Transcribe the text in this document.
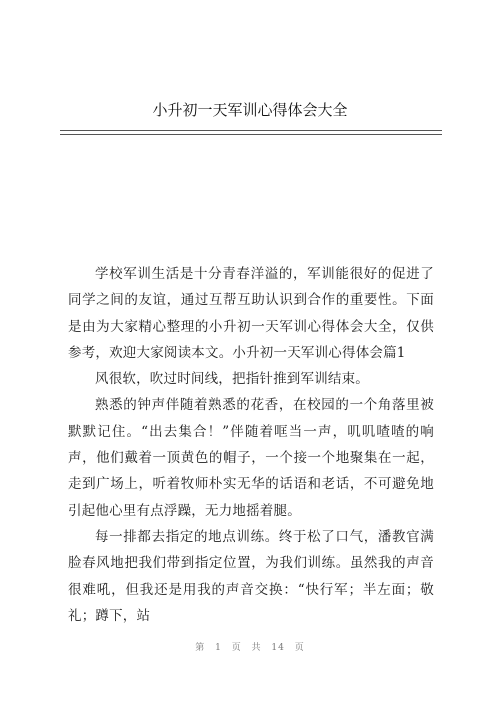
小升初一天军训心得体会大全

学校军训生活是十分青春洋溢的，军训能很好的促进了同学之间的友谊，通过互帮互助认识到合作的重要性。下面是由为大家精心整理的小升初一天军训心得体会大全，仅供参考，欢迎大家阅读本文。小升初一天军训心得体会篇1

风很软，吹过时间线，把指针推到军训结束。

熟悉的钟声伴随着熟悉的花香，在校园的一个角落里被默默记住。“出去集合！”伴随着哐当一声，叽叽喳喳的响声，他们戴着一顶黄色的帽子，一个接一个地聚集在一起，走到广场上，听着牧师朴实无华的话语和老话，不可避免地引起他心里有点浮躁，无力地摇着腿。

每一排都去指定的地点训练。终于松了口气，潘教官满脸春风地把我们带到指定位置，为我们训练。虽然我的声音很难吼，但我还是用我的声音交换：“快行军；半左面；敬礼；蹲下，站

第 1 页 共 14 页
